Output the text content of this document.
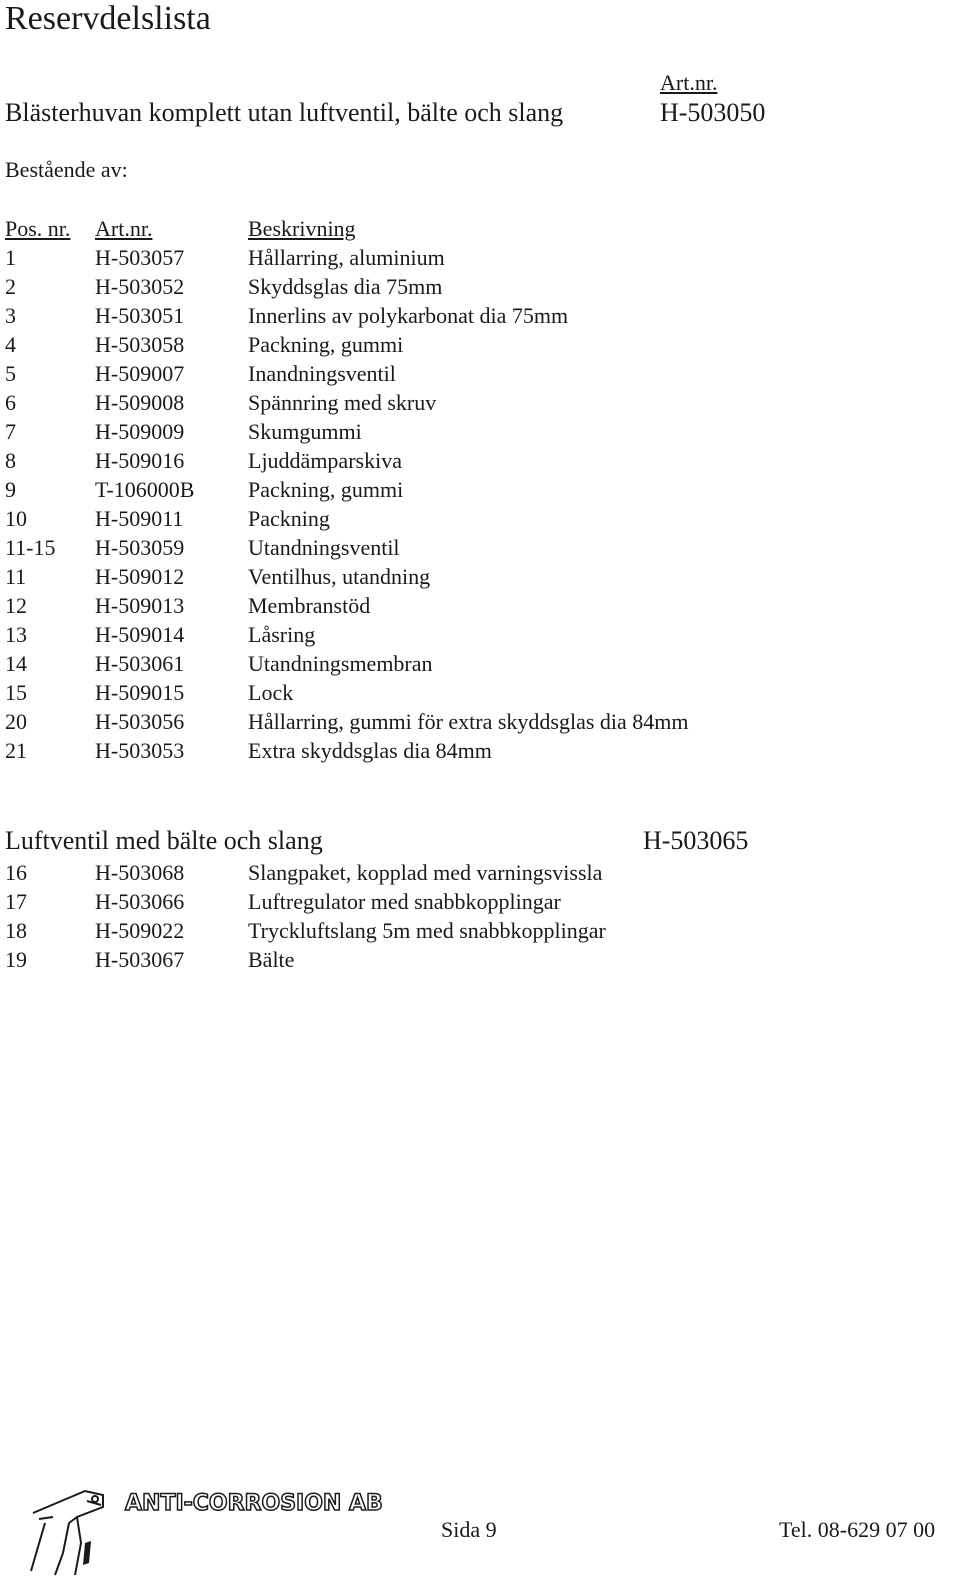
Reservdelslista
Art.nr.
Blästerhuvan komplett utan luftventil, bälte och slang	H-503050
Bestående av:
Pos. nr. Art.nr.	Beskrivning
1	H-503057	Hållarring, aluminium
2	H-503052	Skyddsglas dia 75mm
3	H-503051	Innerlins av polykarbonat dia 75mm
4	H-503058	Packning, gummi
5	H-509007	Inandningsventil
6	H-509008	Spännring med skruv
7	H-509009	Skumgummi
8	H-509016	Ljuddämparskiva
9	T-106000B Packning, gummi
10	H-509011	Packning
11-15 H-503059	Utandningsventil
11	H-509012	Ventilhus, utandning
12	H-509013	Membranstöd
13	H-509014	Låsring
14	H-503061	Utandningsmembran
15	H-509015	Lock
20	H-503056	Hållarring, gummi för extra skyddsglas dia 84mm
21	H-503053	Extra skyddsglas dia 84mm
Luftventil med bälte och slang	H-503065
16	H-503068	Slangpaket, kopplad med varningsvissla
17	H-503066	Luftregulator med snabbkopplingar
18	H-509022	Tryckluftslang 5m med snabbkopplingar
19	H-503067	Bälte
ANTI-CORROSION AB
Sida 9	Tel. 08-629 07 00
